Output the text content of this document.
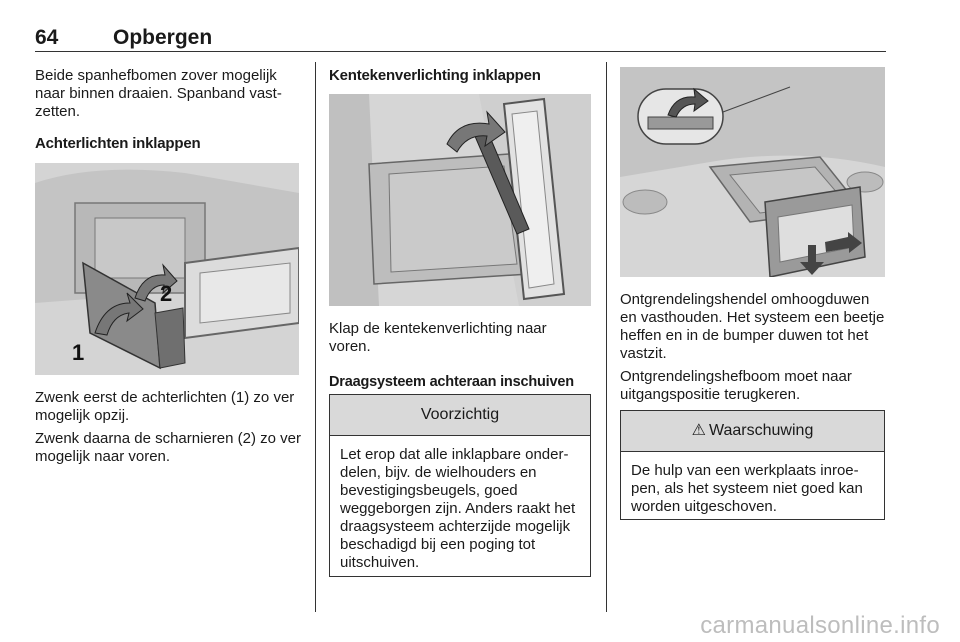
64	Opbergen

Beide spanhefbomen zover mogelijk naar binnen draaien. Spanband vastzetten.

Achterlichten inklappen
1
2

Zwenk eerst de achterlichten (1) zo ver mogelijk opzij.

Zwenk daarna de scharnieren (2) zo ver mogelijk naar voren.

Kentekenverlichting inklappen

Klap de kentekenverlichting naar voren.

Draagsysteem achteraan inschuiven
Voorzichtig
Let erop dat alle inklapbare onderdelen, bijv. de wielhouders en bevestigingsbeugels, goed weggeborgen zijn. Anders raakt het draagsysteem achterzijde mogelijk beschadigd bij een poging tot uitschuiven.

Ontgrendelingshendel omhoogduwen en vasthouden. Het systeem een beetje heffen en in de bumper duwen tot het vastzit.

Ontgrendelingshefboom moet naar uitgangspositie terugkeren.

⚠ Waarschuwing
De hulp van een werkplaats inroepen, als het systeem niet goed kan worden uitgeschoven.
carmanualsonline.info
